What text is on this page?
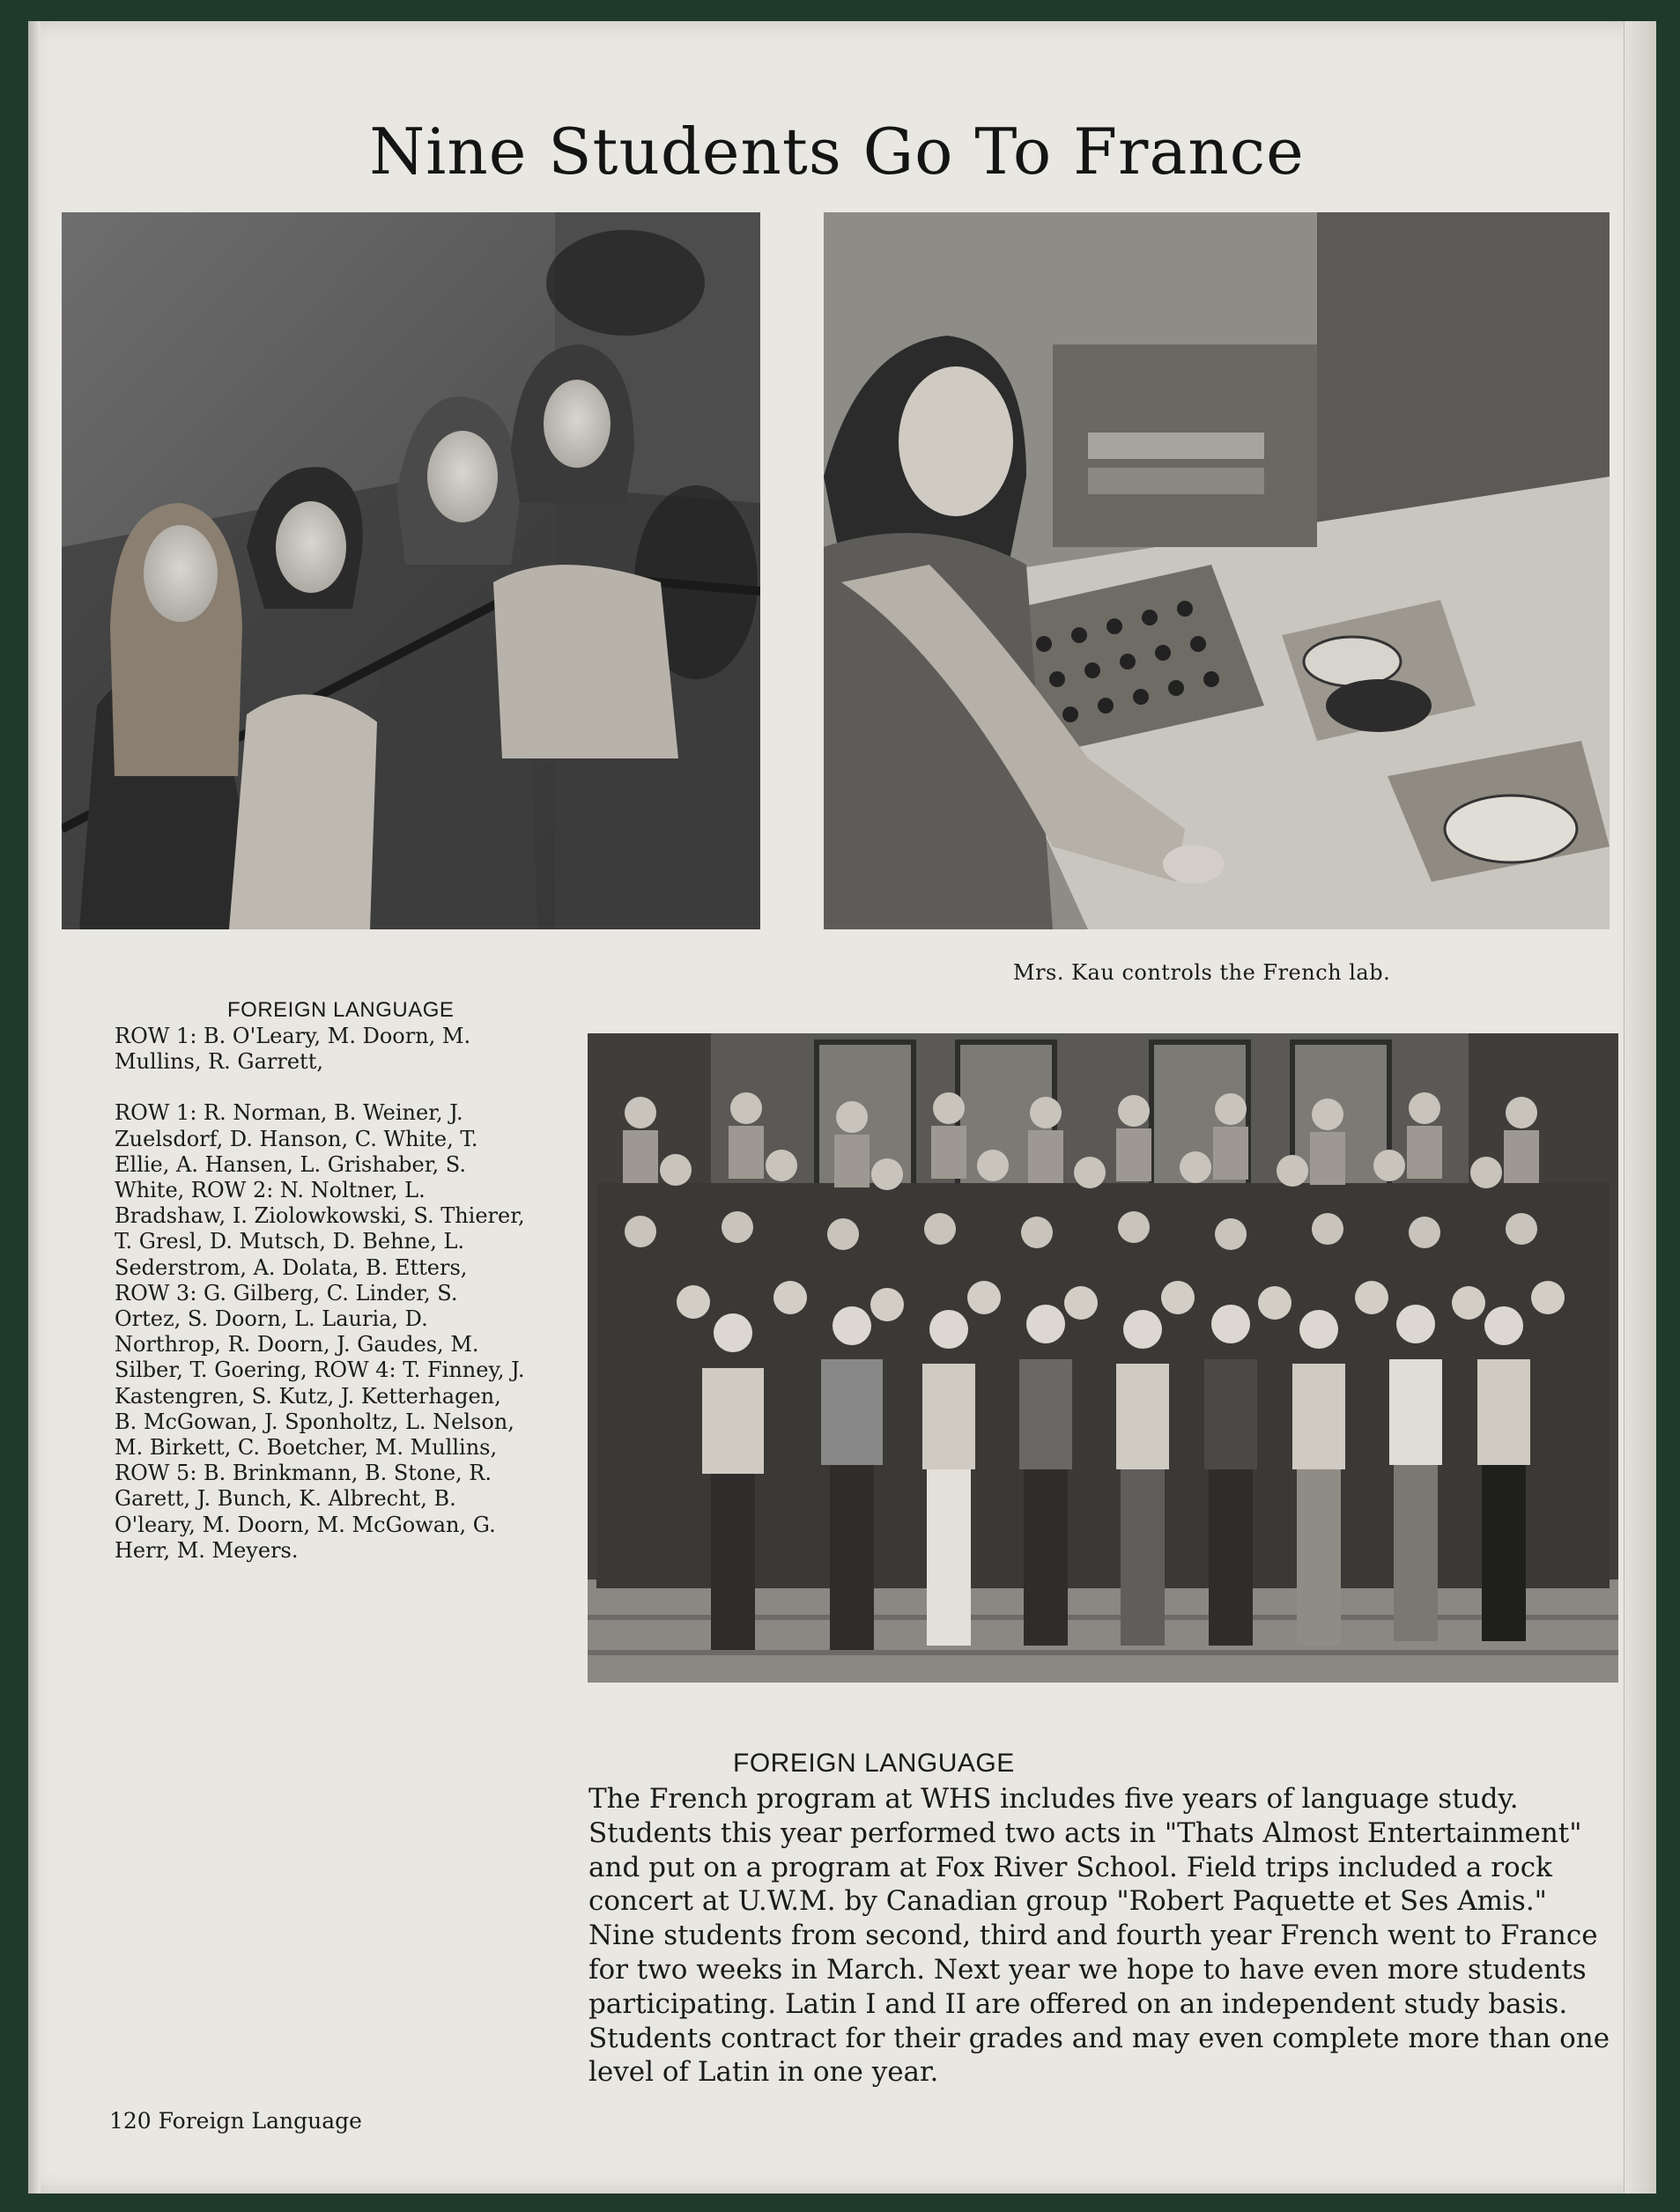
Nine Students Go To France
Mrs. Kau controls the French lab.
FOREIGN LANGUAGE

ROW 1: B. O'Leary, M. Doorn, M. Mullins, R. Garrett,

ROW 1: R. Norman, B. Weiner, J. Zuelsdorf, D. Hanson, C. White, T. Ellie, A. Hansen, L. Grishaber, S. White, ROW 2: N. Noltner, L. Bradshaw, I. Ziolowkowski, S. Thierer, T. Gresl, D. Mutsch, D. Behne, L. Sederstrom, A. Dolata, B. Etters, ROW 3: G. Gilberg, C. Linder, S. Ortez, S. Doorn, L. Lauria, D. Northrop, R. Doorn, J. Gaudes, M. Silber, T. Goering, ROW 4: T. Finney, J. Kastengren, S. Kutz, J. Ketterhagen, B. McGowan, J. Sponholtz, L. Nelson, M. Birkett, C. Boetcher, M. Mullins, ROW 5: B. Brinkmann, B. Stone, R. Garett, J. Bunch, K. Albrecht, B. O'leary, M. Doorn, M. McGowan, G. Herr, M. Meyers.

FOREIGN LANGUAGE
The French program at WHS includes five years of language study. Students this year performed two acts in "Thats Almost Entertainment" and put on a program at Fox River School. Field trips included a rock concert at U.W.M. by Canadian group "Robert Paquette et Ses Amis." Nine students from second, third and fourth year French went to France for two weeks in March. Next year we hope to have even more students participating. Latin I and II are offered on an independent study basis. Students contract for their grades and may even complete more than one level of Latin in one year.
120 Foreign Language
